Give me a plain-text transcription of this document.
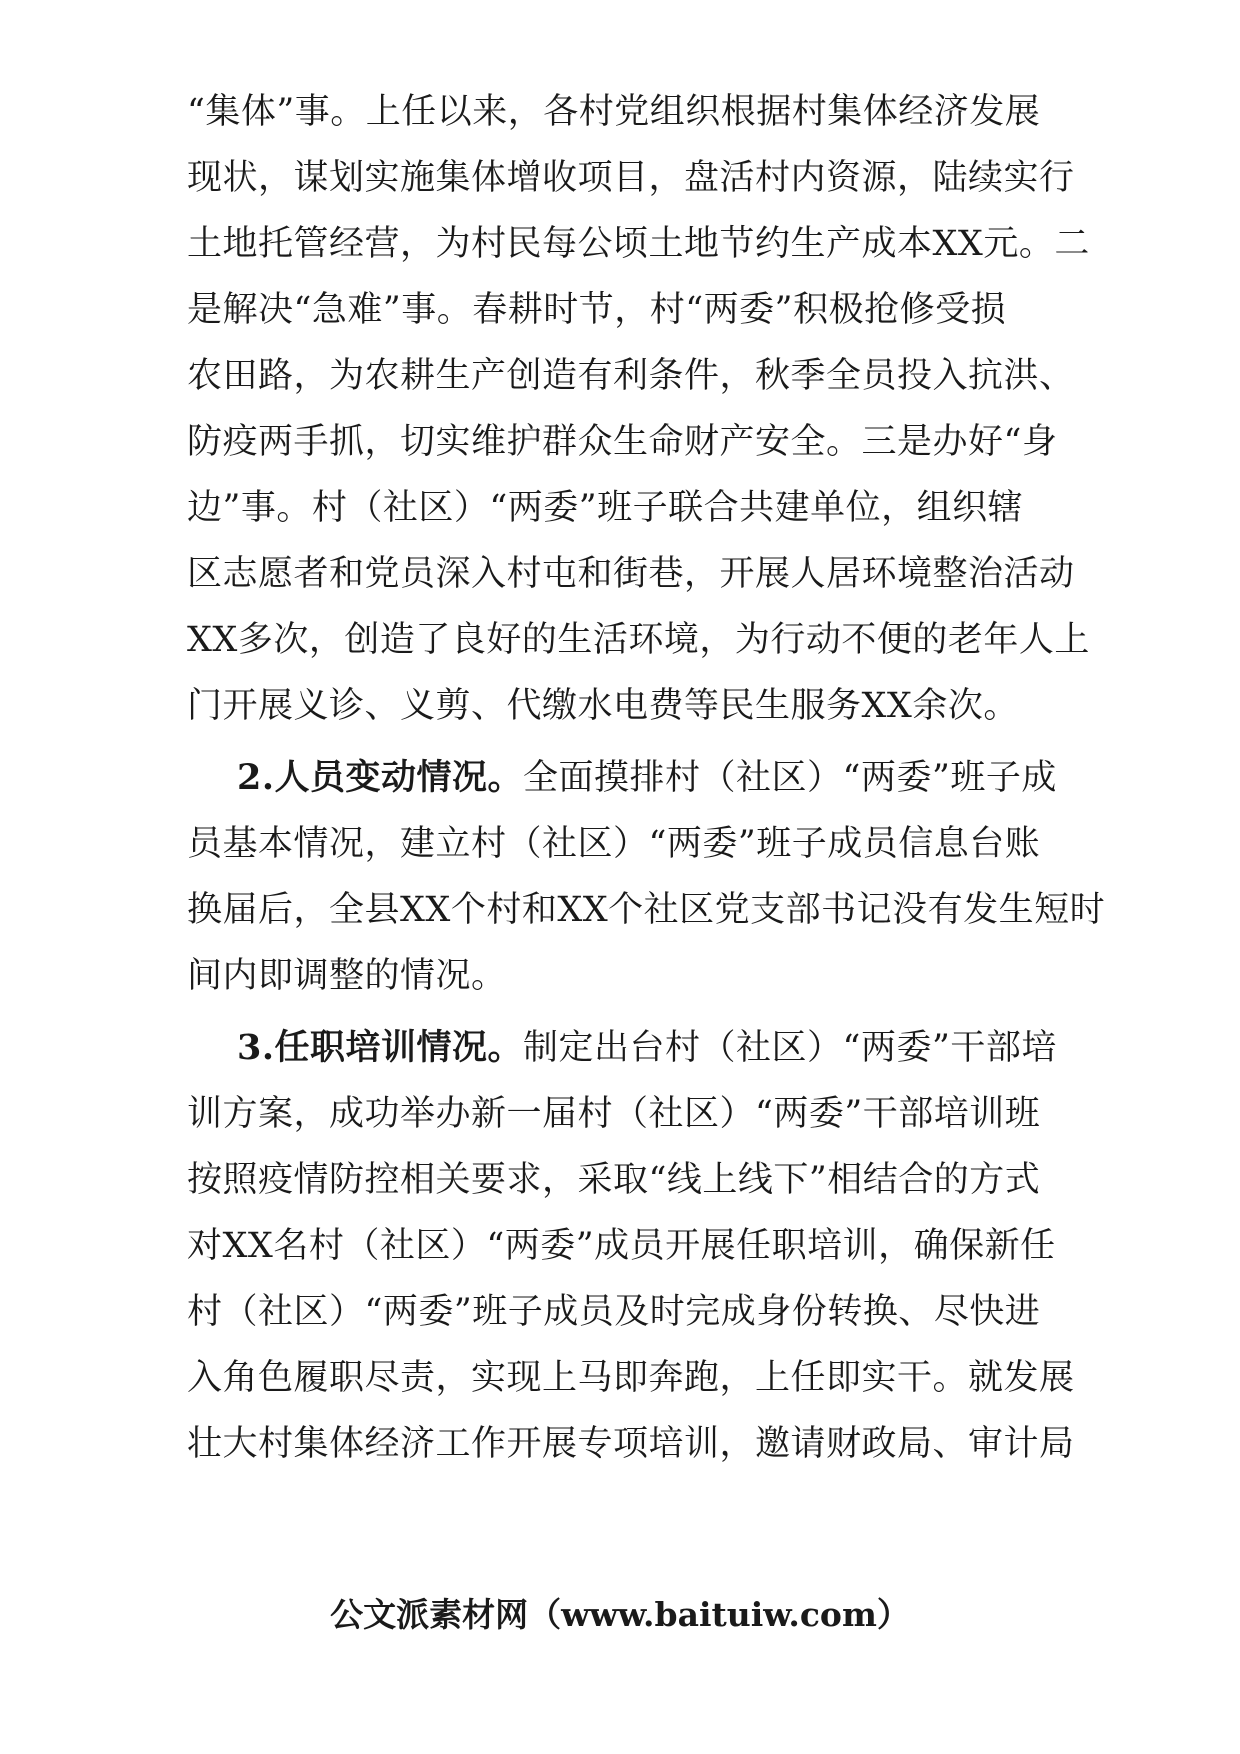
“集体”事。上任以来，各村党组织根据村集体经济发展
现状，谋划实施集体增收项目，盘活村内资源，陆续实行
土地托管经营，为村民每公顷土地节约生产成本XX元。二
是解决“急难”事。春耕时节，村“两委”积极抢修受损
农田路，为农耕生产创造有利条件，秋季全员投入抗洪、
防疫两手抓，切实维护群众生命财产安全。三是办好“身
边”事。村（社区）“两委”班子联合共建单位，组织辖
区志愿者和党员深入村屯和街巷，开展人居环境整治活动
XX多次，创造了良好的生活环境，为行动不便的老年人上
门开展义诊、义剪、代缴水电费等民生服务XX余次。
2.人员变动情况。全面摸排村（社区）“两委”班子成
员基本情况，建立村（社区）“两委”班子成员信息台账
换届后，全县XX个村和XX个社区党支部书记没有发生短时
间内即调整的情况。
3.任职培训情况。制定出台村（社区）“两委”干部培
训方案，成功举办新一届村（社区）“两委”干部培训班
按照疫情防控相关要求，采取“线上线下”相结合的方式
对XX名村（社区）“两委”成员开展任职培训，确保新任
村（社区）“两委”班子成员及时完成身份转换、尽快进
入角色履职尽责，实现上马即奔跑，上任即实干。就发展
壮大村集体经济工作开展专项培训，邀请财政局、审计局
公文派素材网（www.baituiw.com）
